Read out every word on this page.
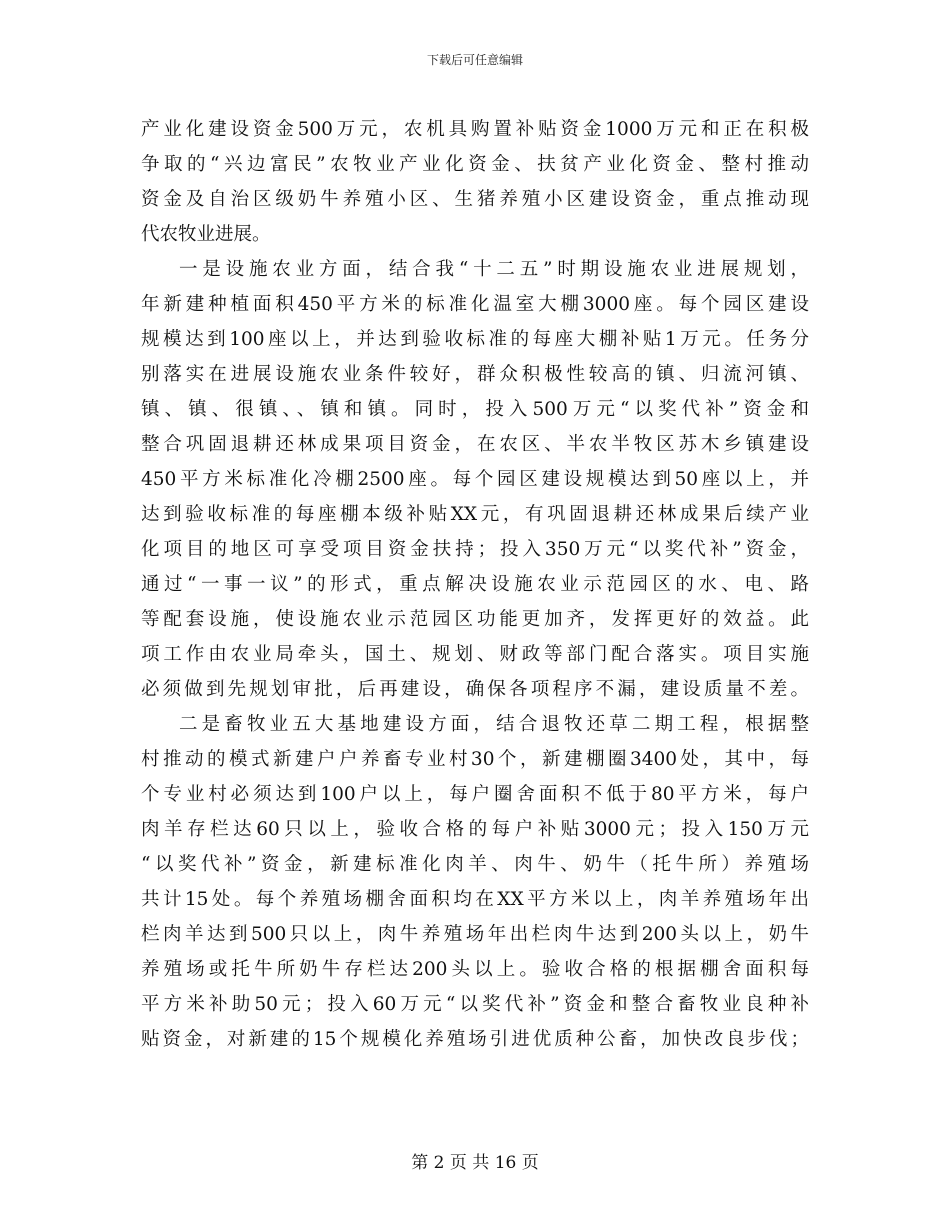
下载后可任意编辑
产业化建设资金500万元，农机具购置补贴资金1000万元和正在积极
争取的“兴边富民”农牧业产业化资金、扶贫产业化资金、整村推动
资金及自治区级奶牛养殖小区、生猪养殖小区建设资金，重点推动现
代农牧业进展。
一是设施农业方面，结合我“十二五”时期设施农业进展规划，
年新建种植面积450平方米的标准化温室大棚3000座。每个园区建设
规模达到100座以上，并达到验收标准的每座大棚补贴1万元。任务分
别落实在进展设施农业条件较好，群众积极性较高的镇、归流河镇、
镇、镇、很镇、、镇和镇。同时，投入500万元“以奖代补”资金和
整合巩固退耕还林成果项目资金，在农区、半农半牧区苏木乡镇建设
450平方米标准化冷棚2500座。每个园区建设规模达到50座以上，并
达到验收标准的每座棚本级补贴XX元，有巩固退耕还林成果后续产业
化项目的地区可享受项目资金扶持；投入350万元“以奖代补”资金，
通过“一事一议”的形式，重点解决设施农业示范园区的水、电、路
等配套设施，使设施农业示范园区功能更加齐，发挥更好的效益。此
项工作由农业局牵头，国土、规划、财政等部门配合落实。项目实施
必须做到先规划审批，后再建设，确保各项程序不漏，建设质量不差。
二是畜牧业五大基地建设方面，结合退牧还草二期工程，根据整
村推动的模式新建户户养畜专业村30个，新建棚圈3400处，其中，每
个专业村必须达到100户以上，每户圈舍面积不低于80平方米，每户
肉羊存栏达60只以上，验收合格的每户补贴3000元；投入150万元
“以奖代补”资金，新建标准化肉羊、肉牛、奶牛（托牛所）养殖场
共计15处。每个养殖场棚舍面积均在XX平方米以上，肉羊养殖场年出
栏肉羊达到500只以上，肉牛养殖场年出栏肉牛达到200头以上，奶牛
养殖场或托牛所奶牛存栏达200头以上。验收合格的根据棚舍面积每
平方米补助50元；投入60万元“以奖代补”资金和整合畜牧业良种补
贴资金，对新建的15个规模化养殖场引进优质种公畜，加快改良步伐；
第 2 页 共 16 页
